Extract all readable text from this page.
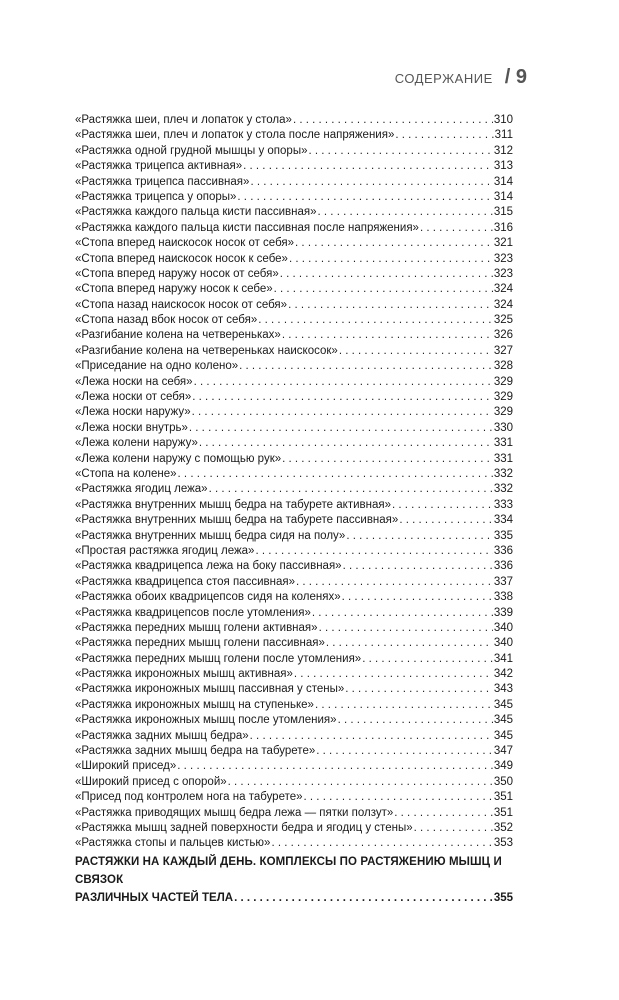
СОДЕРЖАНИЕ / 9
«Растяжка шеи, плеч и лопаток у стола» . . .	310
«Растяжка шеи, плеч и лопаток у стола после напряжения» . . .	311
«Растяжка одной грудной мышцы у опоры» . . .	312
«Растяжка трицепса активная» . . .	313
«Растяжка трицепса пассивная» . . .	314
«Растяжка трицепса у опоры» . . .	314
«Растяжка каждого пальца кисти пассивная» . . .	315
«Растяжка каждого пальца кисти пассивная после напряжения» . . .	316
«Стопа вперед наискосок носок от себя» . . .	321
«Стопа вперед наискосок носок к себе» . . .	323
«Стопа вперед наружу носок от себя» . . .	323
«Стопа вперед наружу носок к себе» . . .	324
«Стопа назад наискосок носок от себя» . . .	324
«Стопа назад вбок носок от себя» . . .	325
«Разгибание колена на четвереньках» . . .	326
«Разгибание колена на четвереньках наискосок» . . .	327
«Приседание на одно колено» . . .	328
«Лежа носки на себя» . . .	329
«Лежа носки от себя» . . .	329
«Лежа носки наружу» . . .	329
«Лежа носки внутрь» . . .	330
«Лежа колени наружу» . . .	331
«Лежа колени наружу с помощью рук» . . .	331
«Стопа на колене» . . .	332
«Растяжка ягодиц лежа» . . .	332
«Растяжка внутренних мышц бедра на табурете активная» . . .	333
«Растяжка внутренних мышц бедра на табурете пассивная» . . .	334
«Растяжка внутренних мышц бедра сидя на полу» . . .	335
«Простая растяжка ягодиц лежа» . . .	336
«Растяжка квадрицепса лежа на боку пассивная» . . .	336
«Растяжка квадрицепса стоя пассивная» . . .	337
«Растяжка обоих квадрицепсов сидя на коленях» . . .	338
«Растяжка квадрицепсов после утомления» . . .	339
«Растяжка передних мышц голени активная» . . .	340
«Растяжка передних мышц голени пассивная» . . .	340
«Растяжка передних мышц голени после утомления» . . .	341
«Растяжка икроножных мышц активная» . . .	342
«Растяжка икроножных мышц пассивная у стены» . . .	343
«Растяжка икроножных мышц на ступеньке» . . .	345
«Растяжка икроножных мышц после утомления» . . .	345
«Растяжка задних мышц бедра» . . .	345
«Растяжка задних мышц бедра на табурете» . . .	347
«Широкий присед» . . .	349
«Широкий присед с опорой» . . .	350
«Присед под контролем нога на табурете» . . .	351
«Растяжка приводящих мышц бедра лежа — пятки ползут» . . .	351
«Растяжка мышц задней поверхности бедра и ягодиц у стены» . . .	352
«Растяжка стопы и пальцев кистью» . . .	353
РАСТЯЖКИ НА КАЖДЫЙ ДЕНЬ. КОМПЛЕКСЫ ПО РАСТЯЖЕНИЮ МЫШЦ И СВЯЗОК
РАЗЛИЧНЫХ ЧАСТЕЙ ТЕЛА . . .	355
